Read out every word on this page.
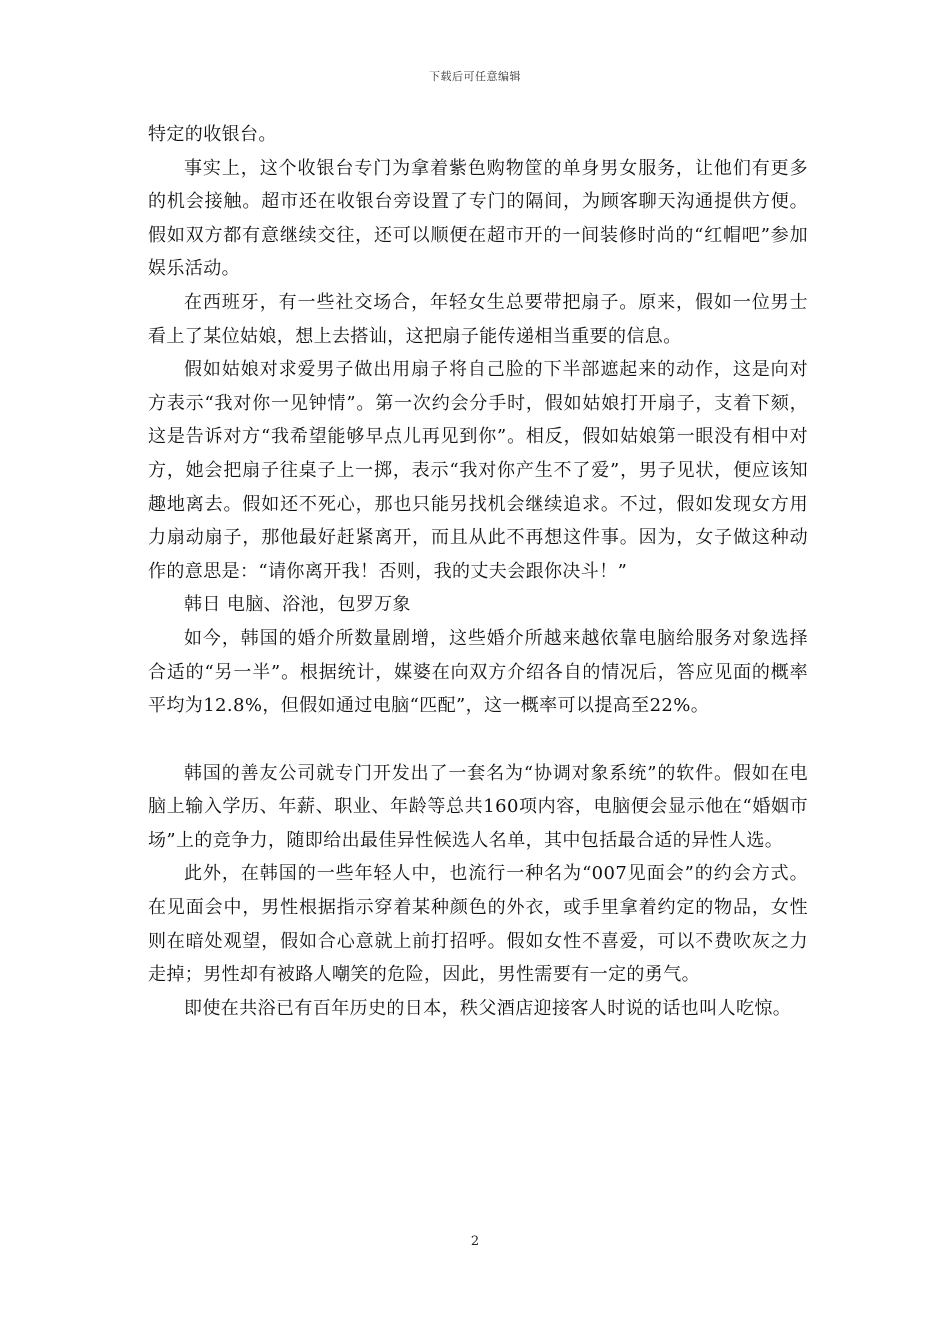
下载后可任意编辑

特定的收银台。

事实上，这个收银台专门为拿着紫色购物筐的单身男女服务，让他们有更多的机会接触。超市还在收银台旁设置了专门的隔间，为顾客聊天沟通提供方便。假如双方都有意继续交往，还可以顺便在超市开的一间装修时尚的“红帽吧”参加娱乐活动。

在西班牙，有一些社交场合，年轻女生总要带把扇子。原来，假如一位男士看上了某位姑娘，想上去搭讪，这把扇子能传递相当重要的信息。

假如姑娘对求爱男子做出用扇子将自己脸的下半部遮起来的动作，这是向对方表示“我对你一见钟情”。第一次约会分手时，假如姑娘打开扇子，支着下颏，这是告诉对方“我希望能够早点儿再见到你”。相反，假如姑娘第一眼没有相中对方，她会把扇子往桌子上一掷，表示“我对你产生不了爱”，男子见状，便应该知趣地离去。假如还不死心，那也只能另找机会继续追求。不过，假如发现女方用力扇动扇子，那他最好赶紧离开，而且从此不再想这件事。因为，女子做这种动作的意思是：“请你离开我！否则，我的丈夫会跟你决斗！”

韩日 电脑、浴池，包罗万象

如今，韩国的婚介所数量剧增，这些婚介所越来越依靠电脑给服务对象选择合适的“另一半”。根据统计，媒婆在向双方介绍各自的情况后，答应见面的概率平均为12.8%，但假如通过电脑“匹配”，这一概率可以提高至22%。

韩国的善友公司就专门开发出了一套名为“协调对象系统”的软件。假如在电脑上输入学历、年薪、职业、年龄等总共160项内容，电脑便会显示他在“婚姻市场”上的竞争力，随即给出最佳异性候选人名单，其中包括最合适的异性人选。

此外，在韩国的一些年轻人中，也流行一种名为“007见面会”的约会方式。在见面会中，男性根据指示穿着某种颜色的外衣，或手里拿着约定的物品，女性则在暗处观望，假如合心意就上前打招呼。假如女性不喜爱，可以不费吹灰之力走掉；男性却有被路人嘲笑的危险，因此，男性需要有一定的勇气。

即使在共浴已有百年历史的日本，秩父酒店迎接客人时说的话也叫人吃惊。

2
